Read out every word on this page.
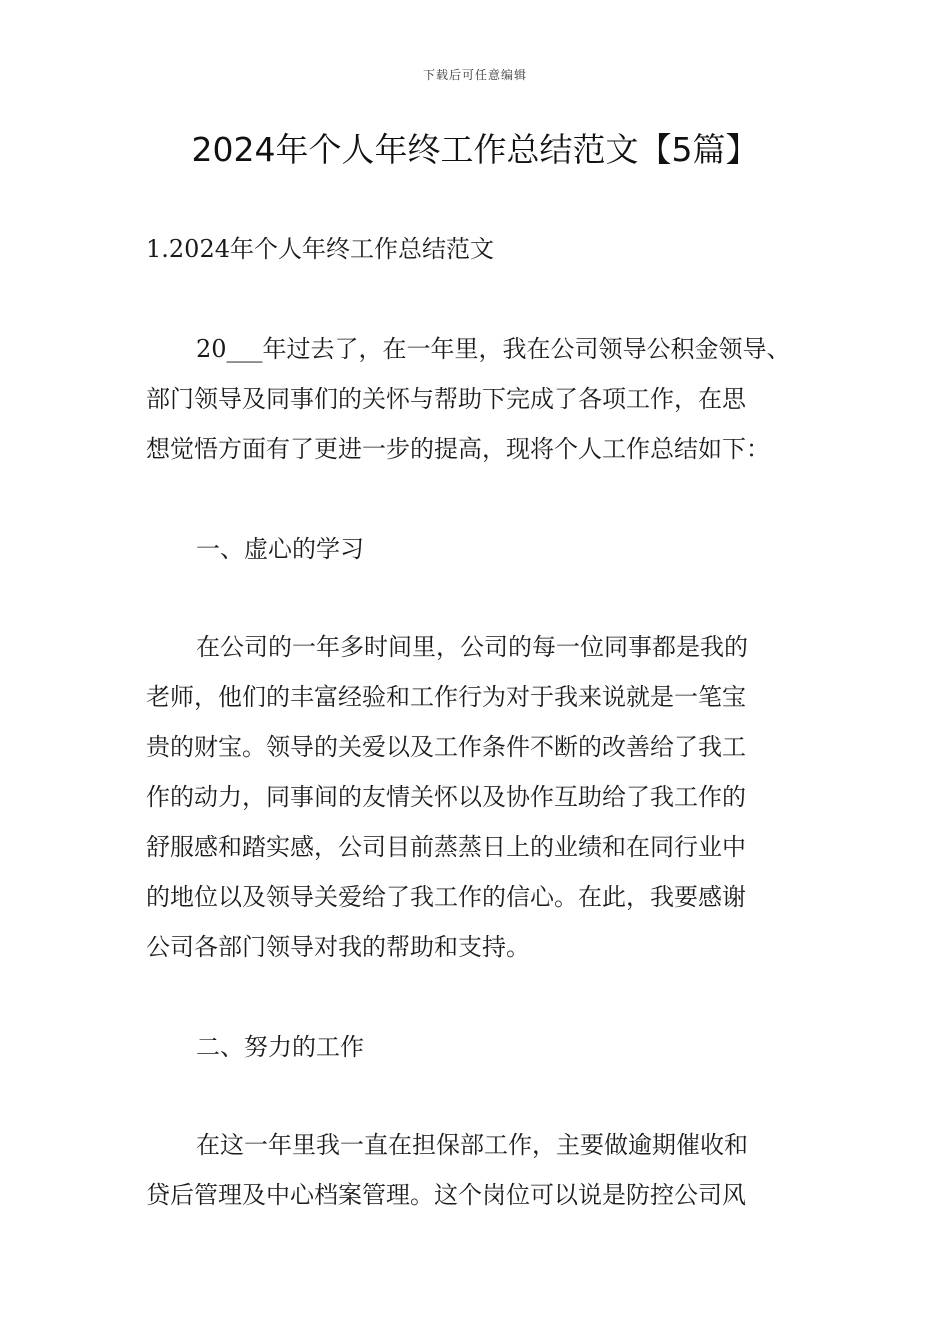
下载后可任意编辑
2024年个人年终工作总结范文【5篇】
1.2024年个人年终工作总结范文
20___年过去了，在一年里，我在公司领导公积金领导、
部门领导及同事们的关怀与帮助下完成了各项工作，在思
想觉悟方面有了更进一步的提高，现将个人工作总结如下：
一、虚心的学习
在公司的一年多时间里，公司的每一位同事都是我的
老师，他们的丰富经验和工作行为对于我来说就是一笔宝
贵的财宝。领导的关爱以及工作条件不断的改善给了我工
作的动力，同事间的友情关怀以及协作互助给了我工作的
舒服感和踏实感，公司目前蒸蒸日上的业绩和在同行业中
的地位以及领导关爱给了我工作的信心。在此，我要感谢
公司各部门领导对我的帮助和支持。
二、努力的工作
在这一年里我一直在担保部工作，主要做逾期催收和
贷后管理及中心档案管理。这个岗位可以说是防控公司风
